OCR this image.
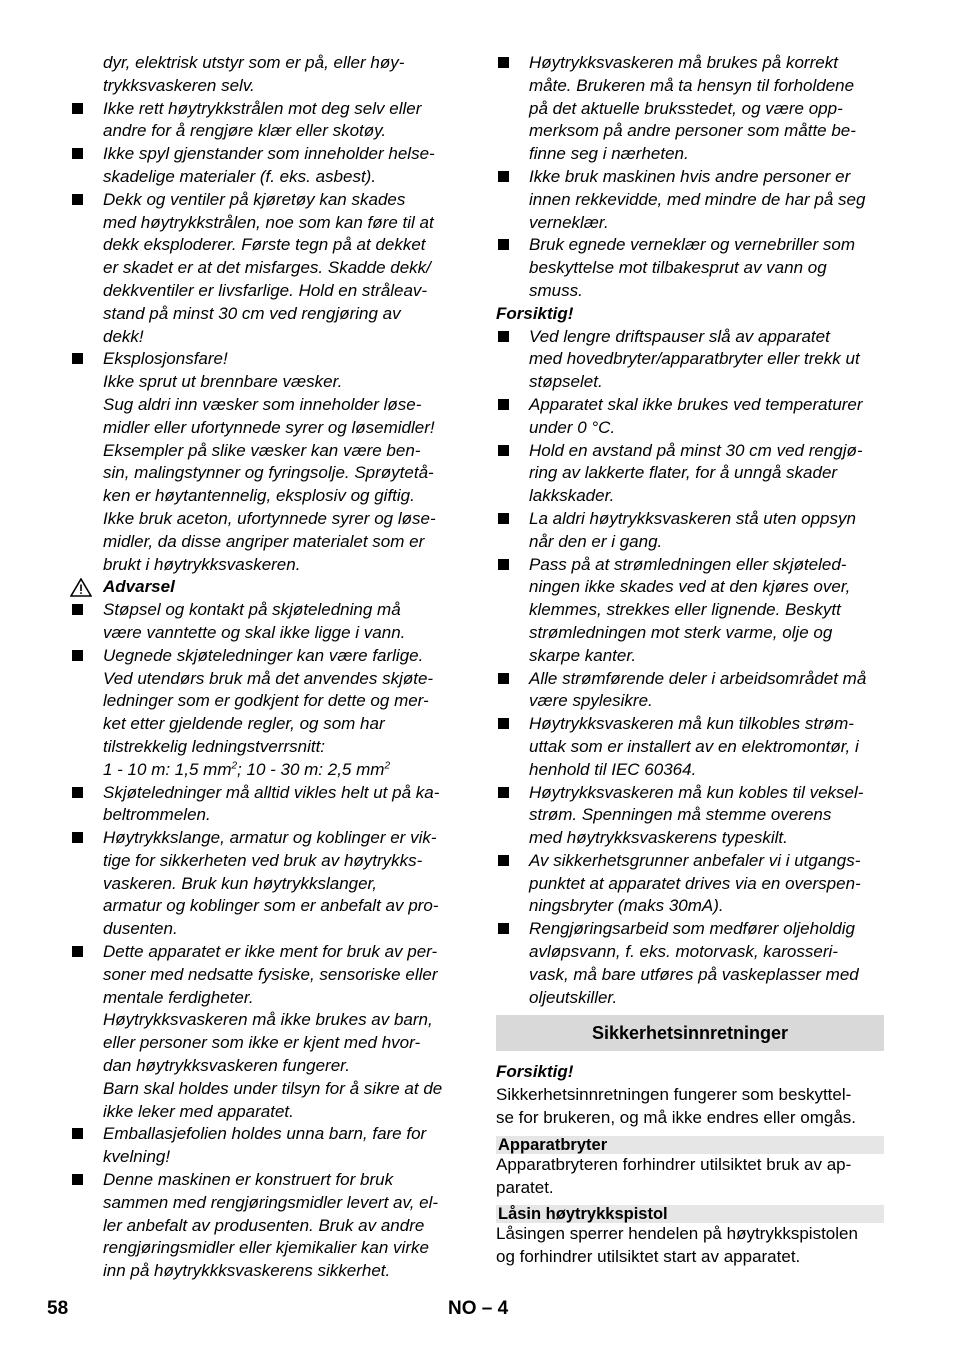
dyr, elektrisk utstyr som er på, eller høy-
trykksvaskeren selv.
Ikke rett høytrykkstrålen mot deg selv eller
andre for å rengjøre klær eller skotøy.
Ikke spyl gjenstander som inneholder helse-
skadelige materialer (f. eks. asbest).
Dekk og ventiler på kjøretøy kan skades
med høytrykkstrålen, noe som kan føre til at
dekk eksploderer. Første tegn på at dekket
er skadet er at det misfarges. Skadde dekk/
dekkventiler er livsfarlige. Hold en stråleav-
stand på minst 30 cm ved rengjøring av
dekk!
Eksplosjonsfare!
Ikke sprut ut brennbare væsker.
Sug aldri inn væsker som inneholder løse-
midler eller ufortynnede syrer og løsemidler!
Eksempler på slike væsker kan være ben-
sin, malingstynner og fyringsolje. Sprøytetå-
ken er høytantennelig, eksplosiv og giftig.
Ikke bruk aceton, ufortynnede syrer og løse-
midler, da disse angriper materialet som er
brukt i høytrykksvaskeren.
Advarsel
Støpsel og kontakt på skjøteledning må
være vanntette og skal ikke ligge i vann.
Uegnede skjøteledninger kan være farlige.
Ved utendørs bruk må det anvendes skjøte-
ledninger som er godkjent for dette og mer-
ket etter gjeldende regler, og som har
tilstrekkelig ledningstverrsnitt:
1 - 10 m: 1,5 $mm^2$; 10 - 30 m: 2,5 $mm^2$
Skjøteledninger må alltid vikles helt ut på ka-
beltrommelen.
Høytrykkslange, armatur og koblinger er vik-
tige for sikkerheten ved bruk av høytrykks-
vaskeren. Bruk kun høytrykkslanger,
armatur og koblinger som er anbefalt av pro-
dusenten.
Dette apparatet er ikke ment for bruk av per-
soner med nedsatte fysiske, sensoriske eller
mentale ferdigheter.
Høytrykksvaskeren må ikke brukes av barn,
eller personer som ikke er kjent med hvor-
dan høytrykksvaskeren fungerer.
Barn skal holdes under tilsyn for å sikre at de
ikke leker med apparatet.
Emballasjefolien holdes unna barn, fare for
kvelning!
Denne maskinen er konstruert for bruk
sammen med rengjøringsmidler levert av, el-
ler anbefalt av produsenten. Bruk av andre
rengjøringsmidler eller kjemikalier kan virke
inn på høytrykkksvaskerens sikkerhet.
Høytrykksvaskeren må brukes på korrekt
måte. Brukeren må ta hensyn til forholdene
på det aktuelle bruksstedet, og være opp-
merksom på andre personer som måtte be-
finne seg i nærheten.
Ikke bruk maskinen hvis andre personer er
innen rekkevidde, med mindre de har på seg
verneklær.
Bruk egnede verneklær og vernebriller som
beskyttelse mot tilbakesprut av vann og
smuss.
Forsiktig!
Ved lengre driftspauser slå av apparatet
med hovedbryter/apparatbryter eller trekk ut
støpselet.
Apparatet skal ikke brukes ved temperaturer
under 0 °C.
Hold en avstand på minst 30 cm ved rengjø-
ring av lakkerte flater, for å unngå skader
lakkskader.
La aldri høytrykksvaskeren stå uten oppsyn
når den er i gang.
Pass på at strømledningen eller skjøteled-
ningen ikke skades ved at den kjøres over,
klemmes, strekkes eller lignende. Beskytt
strømledningen mot sterk varme, olje og
skarpe kanter.
Alle strømførende deler i arbeidsområdet må
være spylesikre.
Høytrykksvaskeren må kun tilkobles strøm-
uttak som er installert av en elektromontør, i
henhold til IEC 60364.
Høytrykksvaskeren må kun kobles til veksel-
strøm. Spenningen må stemme overens
med høytrykksvaskerens typeskilt.
Av sikkerhetsgrunner anbefaler vi i utgangs-
punktet at apparatet drives via en overspen-
ningsbryter (maks 30mA).
Rengjøringsarbeid som medfører oljeholdig
avløpsvann, f. eks. motorvask, karosseri-
vask, må bare utføres på vaskeplasser med
oljeutskiller.
Sikkerhetsinnretninger
Forsiktig!
Sikkerhetsinnretningen fungerer som beskyttel-
se for brukeren, og må ikke endres eller omgås.
Apparatbryter
Apparatbryteren forhindrer utilsiktet bruk av ap-
paratet.
Låsin høytrykkspistol
Låsingen sperrer hendelen på høytrykkspistolen
og forhindrer utilsiktet start av apparatet.
58	NO – 4
